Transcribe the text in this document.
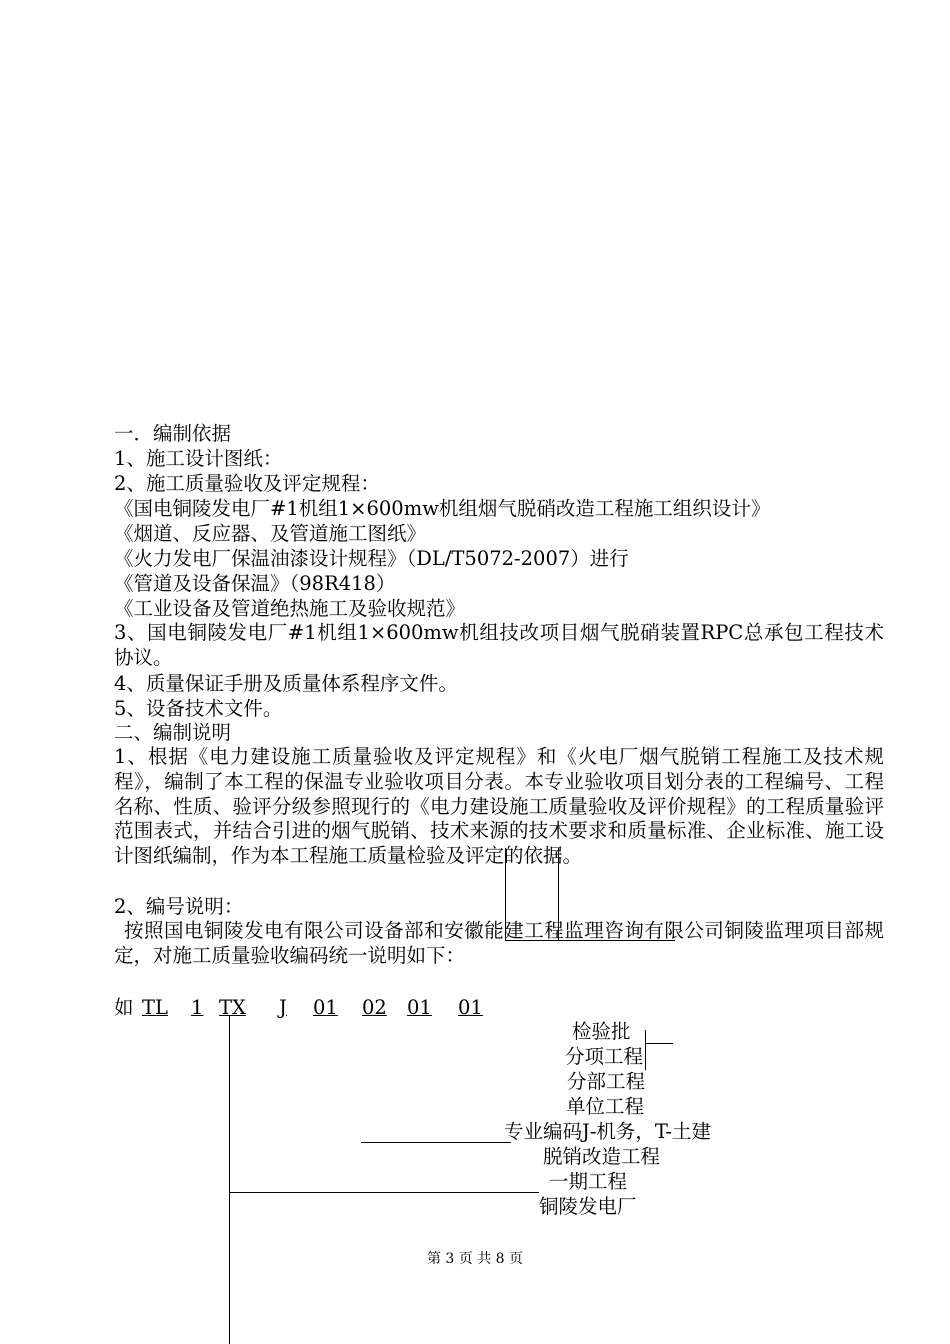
一．编制依据
1、施工设计图纸：
2、施工质量验收及评定规程：
《国电铜陵发电厂#1机组1×600mw机组烟气脱硝改造工程施工组织设计》
《烟道、反应器、及管道施工图纸》
《火力发电厂保温油漆设计规程》（DL/T5072-2007）进行
《管道及设备保温》（98R418）
《工业设备及管道绝热施工及验收规范》
3、国电铜陵发电厂#1机组1×600mw机组技改项目烟气脱硝装置RPC总承包工程技术协议。
4、质量保证手册及质量体系程序文件。
5、设备技术文件。
二、编制说明
1、根据《电力建设施工质量验收及评定规程》和《火电厂烟气脱销工程施工及技术规程》，编制了本工程的保温专业验收项目分表。本专业验收项目划分表的工程编号、工程名称、性质、验评分级参照现行的《电力建设施工质量验收及评价规程》的工程质量验评范围表式，并结合引进的烟气脱销、技术来源的技术要求和质量标准、企业标准、施工设计图纸编制，作为本工程施工质量检验及评定的依据。
2、编号说明：
按照国电铜陵发电有限公司设备部和安徽能建工程监理咨询有限公司铜陵监理项目部规定，对施工质量验收编码统一说明如下：
如 TL 1 TX J 01 02 01 01
检验批
分项工程
分部工程
单位工程
专业编码J-机务，T-土建
脱销改造工程
一期工程
铜陵发电厂
第 3 页 共 8 页
